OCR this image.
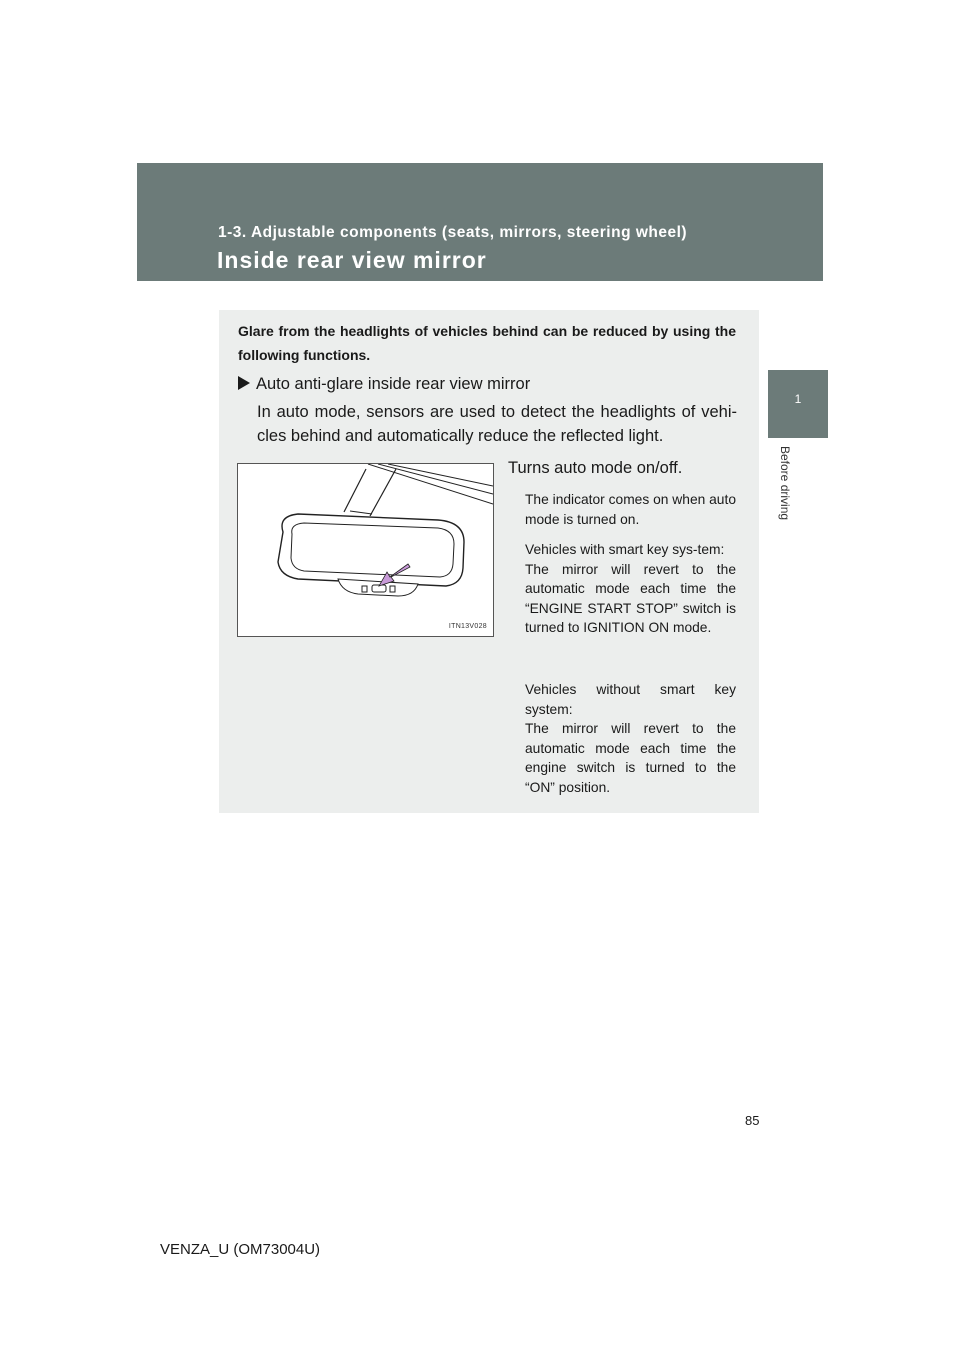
1-3. Adjustable components (seats, mirrors, steering wheel)
Inside rear view mirror
1
Before driving
Glare from the headlights of vehicles behind can be reduced by using the following functions.
Auto anti-glare inside rear view mirror
In auto mode, sensors are used to detect the headlights of vehi-cles behind and automatically reduce the reflected light.
ITN13V028
Turns auto mode on/off.
The indicator comes on when auto mode is turned on.
Vehicles with smart key sys-tem:
The mirror will revert to the automatic mode each time the “ENGINE START STOP” switch is turned to IGNITION ON mode.
Vehicles without smart key system:
The mirror will revert to the automatic mode each time the engine switch is turned to the “ON” position.
85
VENZA_U (OM73004U)
